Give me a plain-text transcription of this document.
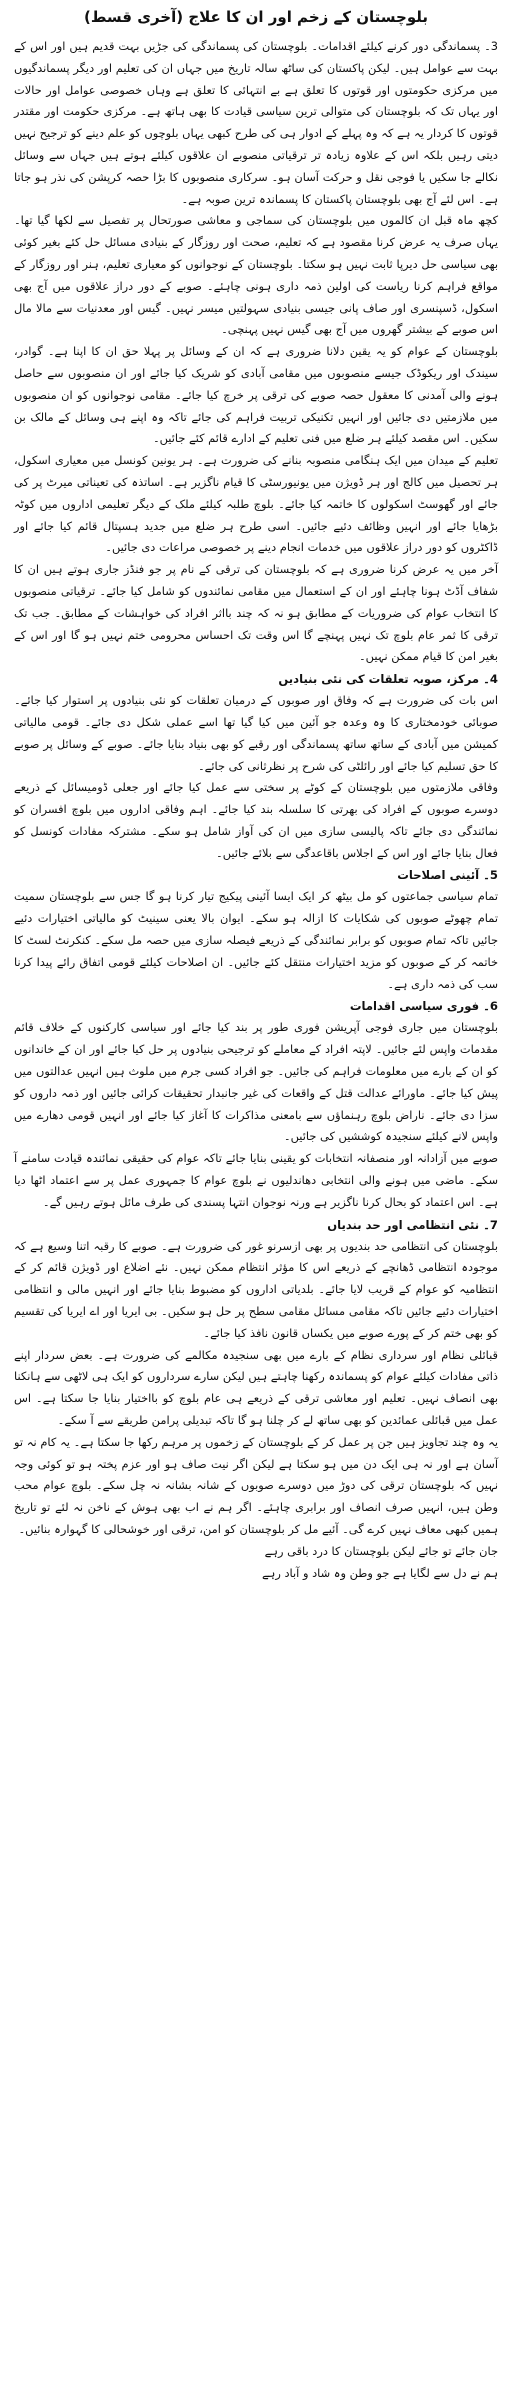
بلوچستان کے زخم اور ان کا علاج (آخری قسط)

3۔ پسماندگی دور کرنے کیلئے اقدامات۔ بلوچستان کی پسماندگی کی جڑیں بہت قدیم ہیں اور اس کے بہت سے عوامل ہیں۔ لیکن پاکستان کی ساٹھ سالہ تاریخ میں جہاں ان کی تعلیم اور دیگر پسماندگیوں میں مرکزی حکومتوں اور قوتوں کا تعلق ہے بے انتہائی کا تعلق ہے وہاں خصوصی عوامل اور حالات اور یہاں تک کہ بلوچستان کی متوالی ترین سیاسی قیادت کا بھی ہاتھ ہے۔ مرکزی حکومت اور مقتدر قوتوں کا کردار یہ ہے کہ وہ پہلے کے ادوار ہی کی طرح کبھی یہاں بلوچوں کو علم دینے کو ترجیح نہیں دیتی رہیں بلکہ اس کے علاوہ زیادہ تر ترقیاتی منصوبے ان علاقوں کیلئے ہوتے ہیں جہاں سے وسائل نکالے جا سکیں یا فوجی نقل و حرکت آسان ہو۔ سرکاری منصوبوں کا بڑا حصہ کرپشن کی نذر ہو جاتا ہے۔ اس لئے آج بھی بلوچستان پاکستان کا پسماندہ ترین صوبہ ہے۔

کچھ ماہ قبل ان کالموں میں بلوچستان کی سماجی و معاشی صورتحال پر تفصیل سے لکھا گیا تھا۔ یہاں صرف یہ عرض کرنا مقصود ہے کہ تعلیم، صحت اور روزگار کے بنیادی مسائل حل کئے بغیر کوئی بھی سیاسی حل دیرپا ثابت نہیں ہو سکتا۔ بلوچستان کے نوجوانوں کو معیاری تعلیم، ہنر اور روزگار کے مواقع فراہم کرنا ریاست کی اولین ذمہ داری ہونی چاہئے۔ صوبے کے دور دراز علاقوں میں آج بھی اسکول، ڈسپنسری اور صاف پانی جیسی بنیادی سہولتیں میسر نہیں۔ گیس اور معدنیات سے مالا مال اس صوبے کے بیشتر گھروں میں آج بھی گیس نہیں پہنچی۔

بلوچستان کے عوام کو یہ یقین دلانا ضروری ہے کہ ان کے وسائل پر پہلا حق ان کا اپنا ہے۔ گوادر، سیندک اور ریکوڈک جیسے منصوبوں میں مقامی آبادی کو شریک کیا جائے اور ان منصوبوں سے حاصل ہونے والی آمدنی کا معقول حصہ صوبے کی ترقی پر خرچ کیا جائے۔ مقامی نوجوانوں کو ان منصوبوں میں ملازمتیں دی جائیں اور انہیں تکنیکی تربیت فراہم کی جائے تاکہ وہ اپنے ہی وسائل کے مالک بن سکیں۔ اس مقصد کیلئے ہر ضلع میں فنی تعلیم کے ادارے قائم کئے جائیں۔

تعلیم کے میدان میں ایک ہنگامی منصوبہ بنانے کی ضرورت ہے۔ ہر یونین کونسل میں معیاری اسکول، ہر تحصیل میں کالج اور ہر ڈویژن میں یونیورسٹی کا قیام ناگزیر ہے۔ اساتذہ کی تعیناتی میرٹ پر کی جائے اور گھوسٹ اسکولوں کا خاتمہ کیا جائے۔ بلوچ طلبہ کیلئے ملک کے دیگر تعلیمی اداروں میں کوٹہ بڑھایا جائے اور انہیں وظائف دئیے جائیں۔ اسی طرح ہر ضلع میں جدید ہسپتال قائم کیا جائے اور ڈاکٹروں کو دور دراز علاقوں میں خدمات انجام دینے پر خصوصی مراعات دی جائیں۔

آخر میں یہ عرض کرنا ضروری ہے کہ بلوچستان کی ترقی کے نام پر جو فنڈز جاری ہوتے ہیں ان کا شفاف آڈٹ ہونا چاہئے اور ان کے استعمال میں مقامی نمائندوں کو شامل کیا جائے۔ ترقیاتی منصوبوں کا انتخاب عوام کی ضروریات کے مطابق ہو نہ کہ چند بااثر افراد کی خواہشات کے مطابق۔ جب تک ترقی کا ثمر عام بلوچ تک نہیں پہنچے گا اس وقت تک احساس محرومی ختم نہیں ہو گا اور اس کے بغیر امن کا قیام ممکن نہیں۔

4۔ مرکز، صوبہ تعلقات کی نئی بنیادیں

اس بات کی ضرورت ہے کہ وفاق اور صوبوں کے درمیان تعلقات کو نئی بنیادوں پر استوار کیا جائے۔ صوبائی خودمختاری کا وہ وعدہ جو آئین میں کیا گیا تھا اسے عملی شکل دی جائے۔ قومی مالیاتی کمیشن میں آبادی کے ساتھ ساتھ پسماندگی اور رقبے کو بھی بنیاد بنایا جائے۔ صوبے کے وسائل پر صوبے کا حق تسلیم کیا جائے اور رائلٹی کی شرح پر نظرثانی کی جائے۔

وفاقی ملازمتوں میں بلوچستان کے کوٹے پر سختی سے عمل کیا جائے اور جعلی ڈومیسائل کے ذریعے دوسرے صوبوں کے افراد کی بھرتی کا سلسلہ بند کیا جائے۔ اہم وفاقی اداروں میں بلوچ افسران کو نمائندگی دی جائے تاکہ پالیسی سازی میں ان کی آواز شامل ہو سکے۔ مشترکہ مفادات کونسل کو فعال بنایا جائے اور اس کے اجلاس باقاعدگی سے بلائے جائیں۔

5۔ آئینی اصلاحات

تمام سیاسی جماعتوں کو مل بیٹھ کر ایک ایسا آئینی پیکیج تیار کرنا ہو گا جس سے بلوچستان سمیت تمام چھوٹے صوبوں کی شکایات کا ازالہ ہو سکے۔ ایوان بالا یعنی سینیٹ کو مالیاتی اختیارات دئیے جائیں تاکہ تمام صوبوں کو برابر نمائندگی کے ذریعے فیصلہ سازی میں حصہ مل سکے۔ کنکرنٹ لسٹ کا خاتمہ کر کے صوبوں کو مزید اختیارات منتقل کئے جائیں۔ ان اصلاحات کیلئے قومی اتفاق رائے پیدا کرنا سب کی ذمہ داری ہے۔

6۔ فوری سیاسی اقدامات

بلوچستان میں جاری فوجی آپریشن فوری طور پر بند کیا جائے اور سیاسی کارکنوں کے خلاف قائم مقدمات واپس لئے جائیں۔ لاپتہ افراد کے معاملے کو ترجیحی بنیادوں پر حل کیا جائے اور ان کے خاندانوں کو ان کے بارے میں معلومات فراہم کی جائیں۔ جو افراد کسی جرم میں ملوث ہیں انہیں عدالتوں میں پیش کیا جائے۔ ماورائے عدالت قتل کے واقعات کی غیر جانبدار تحقیقات کرائی جائیں اور ذمہ داروں کو سزا دی جائے۔ ناراض بلوچ رہنماؤں سے بامعنی مذاکرات کا آغاز کیا جائے اور انہیں قومی دھارے میں واپس لانے کیلئے سنجیدہ کوششیں کی جائیں۔

صوبے میں آزادانہ اور منصفانہ انتخابات کو یقینی بنایا جائے تاکہ عوام کی حقیقی نمائندہ قیادت سامنے آ سکے۔ ماضی میں ہونے والی انتخابی دھاندلیوں نے بلوچ عوام کا جمہوری عمل پر سے اعتماد اٹھا دیا ہے۔ اس اعتماد کو بحال کرنا ناگزیر ہے ورنہ نوجوان انتہا پسندی کی طرف مائل ہوتے رہیں گے۔

7۔ نئی انتظامی اور حد بندیاں

بلوچستان کی انتظامی حد بندیوں پر بھی ازسرنو غور کی ضرورت ہے۔ صوبے کا رقبہ اتنا وسیع ہے کہ موجودہ انتظامی ڈھانچے کے ذریعے اس کا مؤثر انتظام ممکن نہیں۔ نئے اضلاع اور ڈویژن قائم کر کے انتظامیہ کو عوام کے قریب لایا جائے۔ بلدیاتی اداروں کو مضبوط بنایا جائے اور انہیں مالی و انتظامی اختیارات دئیے جائیں تاکہ مقامی مسائل مقامی سطح پر حل ہو سکیں۔ بی ایریا اور اے ایریا کی تقسیم کو بھی ختم کر کے پورے صوبے میں یکساں قانون نافذ کیا جائے۔

قبائلی نظام اور سرداری نظام کے بارے میں بھی سنجیدہ مکالمے کی ضرورت ہے۔ بعض سردار اپنے ذاتی مفادات کیلئے عوام کو پسماندہ رکھنا چاہتے ہیں لیکن سارے سرداروں کو ایک ہی لاٹھی سے ہانکنا بھی انصاف نہیں۔ تعلیم اور معاشی ترقی کے ذریعے ہی عام بلوچ کو بااختیار بنایا جا سکتا ہے۔ اس عمل میں قبائلی عمائدین کو بھی ساتھ لے کر چلنا ہو گا تاکہ تبدیلی پرامن طریقے سے آ سکے۔

یہ وہ چند تجاویز ہیں جن پر عمل کر کے بلوچستان کے زخموں پر مرہم رکھا جا سکتا ہے۔ یہ کام نہ تو آسان ہے اور نہ ہی ایک دن میں ہو سکتا ہے لیکن اگر نیت صاف ہو اور عزم پختہ ہو تو کوئی وجہ نہیں کہ بلوچستان ترقی کی دوڑ میں دوسرے صوبوں کے شانہ بشانہ نہ چل سکے۔ بلوچ عوام محب وطن ہیں، انہیں صرف انصاف اور برابری چاہئے۔ اگر ہم نے اب بھی ہوش کے ناخن نہ لئے تو تاریخ ہمیں کبھی معاف نہیں کرے گی۔ آئیے مل کر بلوچستان کو امن، ترقی اور خوشحالی کا گہوارہ بنائیں۔

جان جائے تو جائے لیکن بلوچستان کا درد باقی رہے

ہم نے دل سے لگایا ہے جو وطن وہ شاد و آباد رہے
